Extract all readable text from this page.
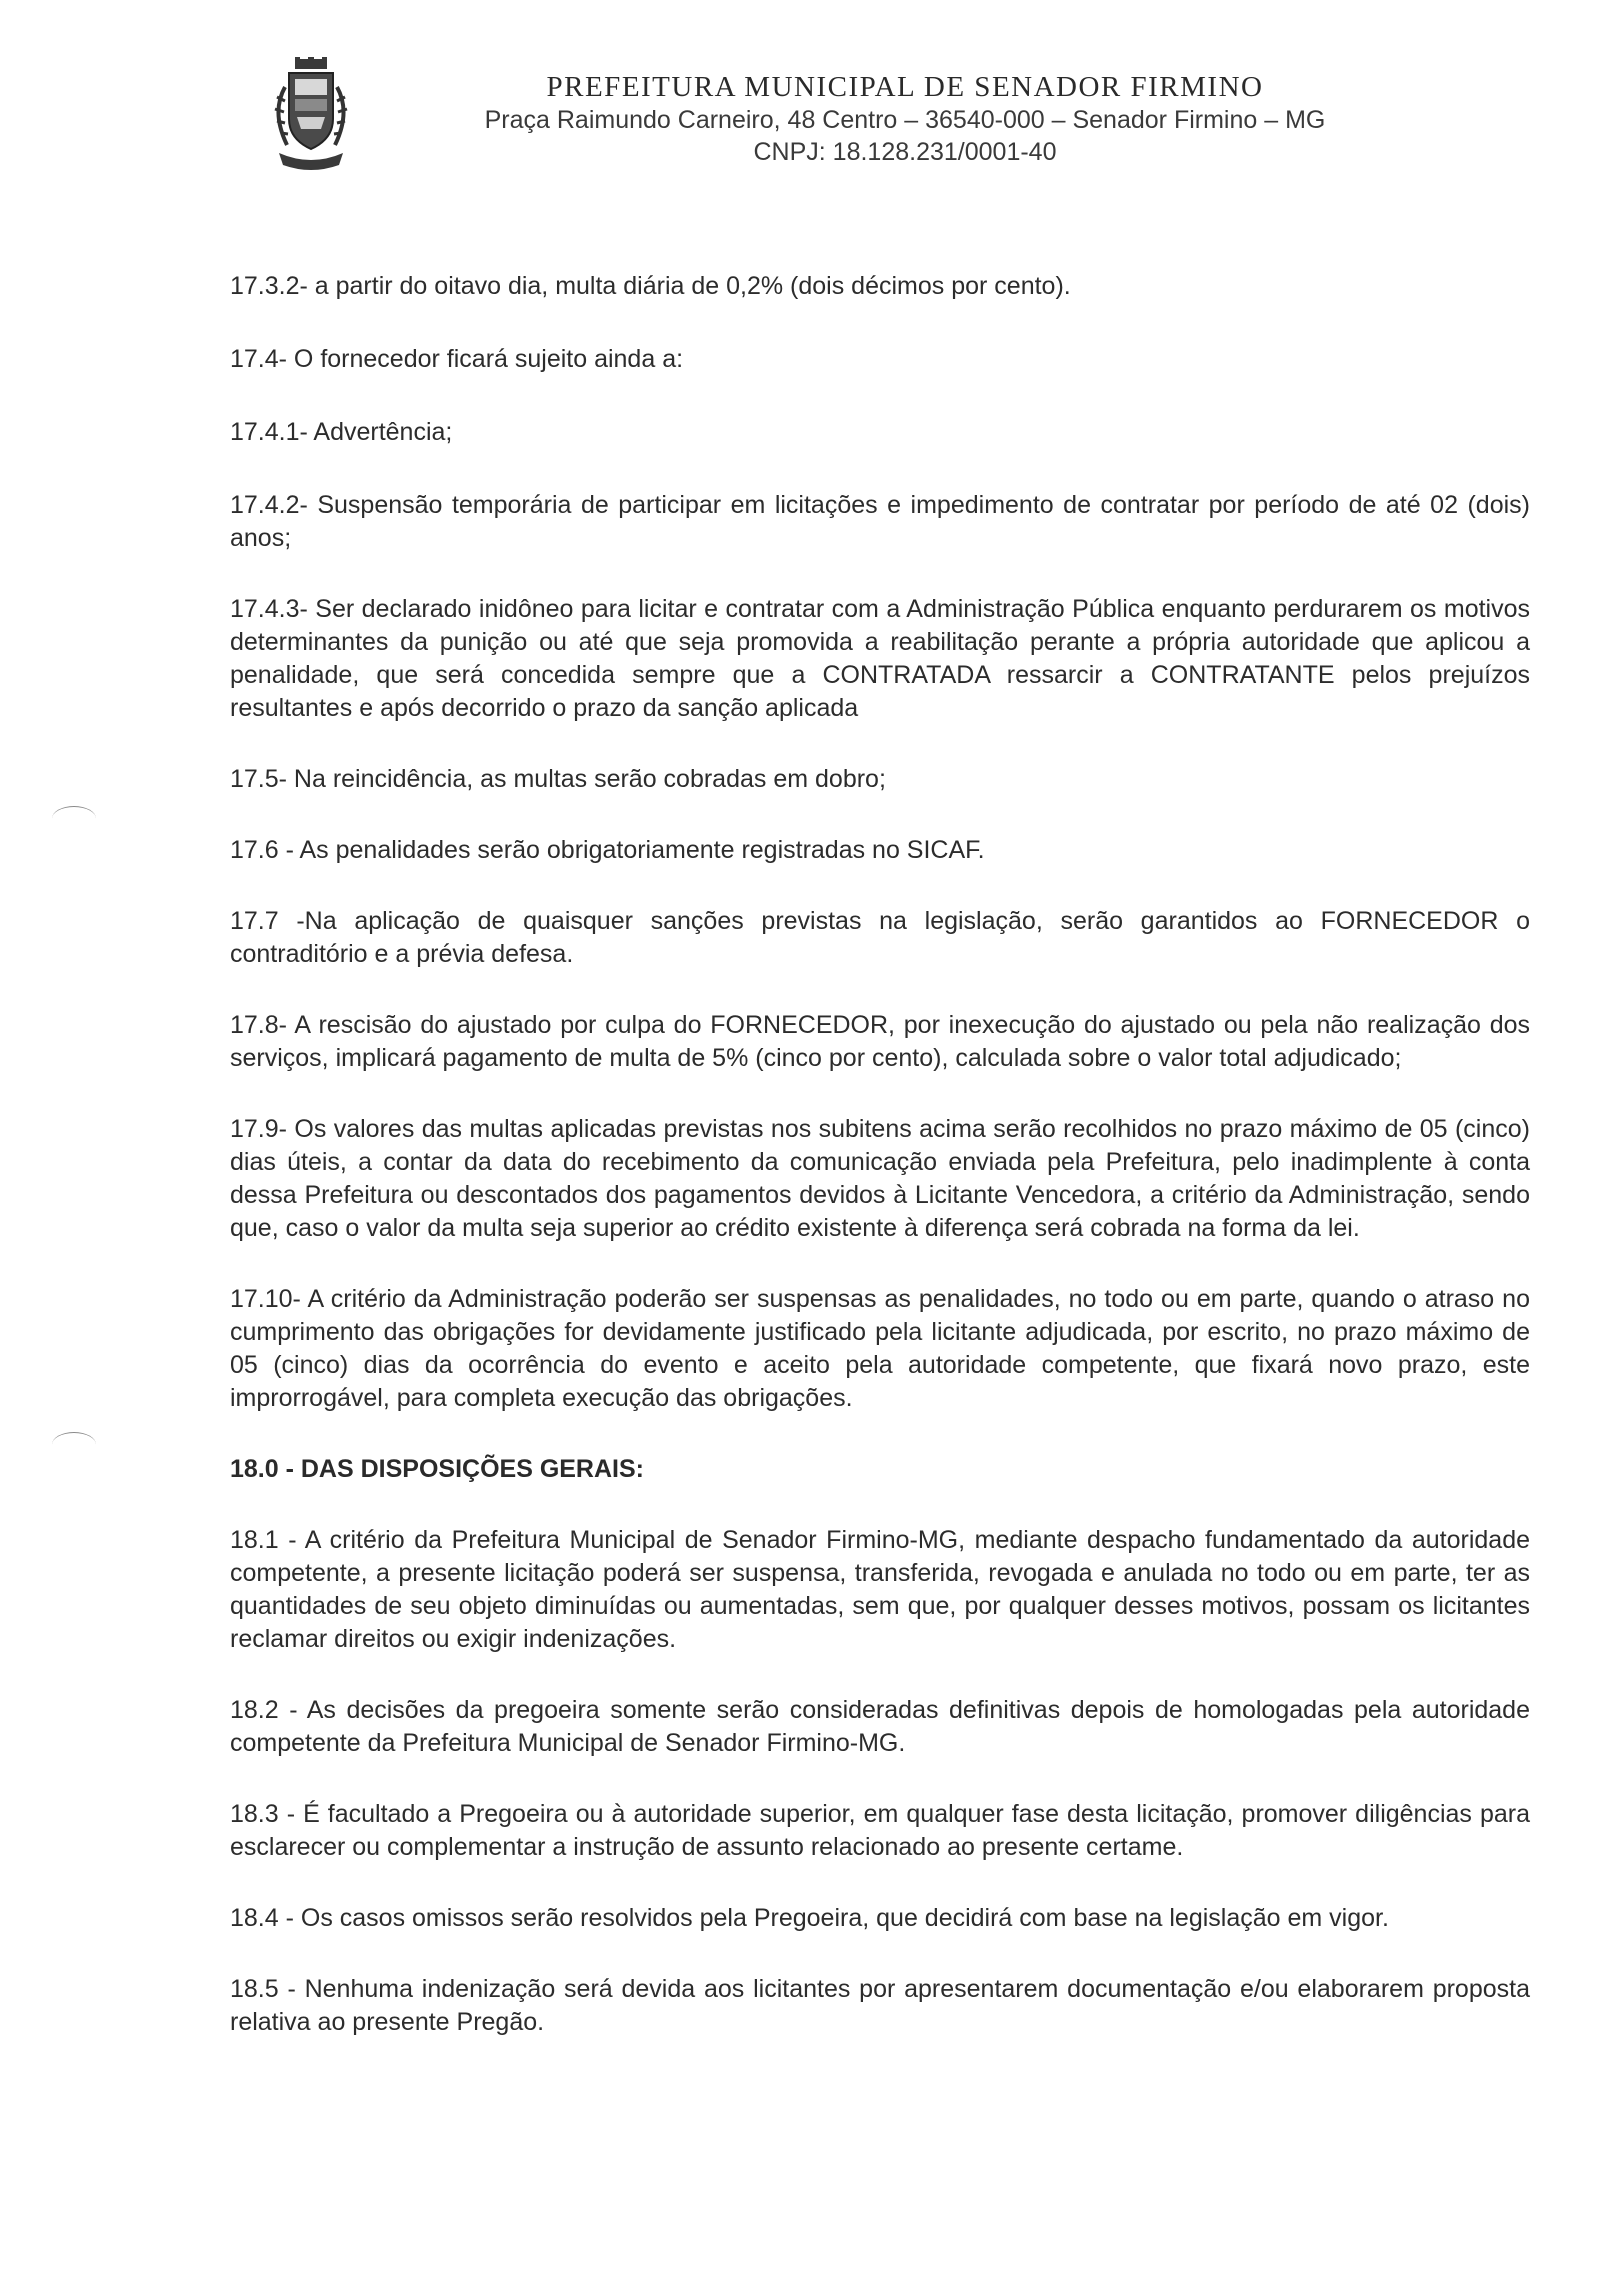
PREFEITURA MUNICIPAL DE SENADOR FIRMINO

Praça Raimundo Carneiro, 48 Centro – 36540-000 – Senador Firmino – MG

CNPJ: 18.128.231/0001-40

17.3.2- a partir do oitavo dia, multa diária de 0,2% (dois décimos por cento).

17.4- O fornecedor ficará sujeito ainda a:

17.4.1- Advertência;

17.4.2- Suspensão temporária de participar em licitações e impedimento de contratar por período de até 02 (dois) anos;

17.4.3- Ser declarado inidôneo para licitar e contratar com a Administração Pública enquanto perdurarem os motivos determinantes da punição ou até que seja promovida a reabilitação perante a própria autoridade que aplicou a penalidade, que será concedida sempre que a CONTRATADA ressarcir a CONTRATANTE pelos prejuízos resultantes e após decorrido o prazo da sanção aplicada

17.5- Na reincidência, as multas serão cobradas em dobro;

17.6 - As penalidades serão obrigatoriamente registradas no SICAF.

17.7 -Na aplicação de quaisquer sanções previstas na legislação, serão garantidos ao FORNECEDOR o contraditório e a prévia defesa.

17.8- A rescisão do ajustado por culpa do FORNECEDOR, por inexecução do ajustado ou pela não realização dos serviços, implicará pagamento de multa de 5% (cinco por cento), calculada sobre o valor total adjudicado;

17.9- Os valores das multas aplicadas previstas nos subitens acima serão recolhidos no prazo máximo de 05 (cinco) dias úteis, a contar da data do recebimento da comunicação enviada pela Prefeitura, pelo inadimplente à conta dessa Prefeitura ou descontados dos pagamentos devidos à Licitante Vencedora, a critério da Administração, sendo que, caso o valor da multa seja superior ao crédito existente à diferença será cobrada na forma da lei.

17.10- A critério da Administração poderão ser suspensas as penalidades, no todo ou em parte, quando o atraso no cumprimento das obrigações for devidamente justificado pela licitante adjudicada, por escrito, no prazo máximo de 05 (cinco) dias da ocorrência do evento e aceito pela autoridade competente, que fixará novo prazo, este improrrogável, para completa execução das obrigações.

18.0 - DAS DISPOSIÇÕES GERAIS:

18.1 - A critério da Prefeitura Municipal de Senador Firmino-MG, mediante despacho fundamentado da autoridade competente, a presente licitação poderá ser suspensa, transferida, revogada e anulada no todo ou em parte, ter as quantidades de seu objeto diminuídas ou aumentadas, sem que, por qualquer desses motivos, possam os licitantes reclamar direitos ou exigir indenizações.

18.2 - As decisões da pregoeira somente serão consideradas definitivas depois de homologadas pela autoridade competente da Prefeitura Municipal de Senador Firmino-MG.

18.3 - É facultado a Pregoeira ou à autoridade superior, em qualquer fase desta licitação, promover diligências para esclarecer ou complementar a instrução de assunto relacionado ao presente certame.

18.4 - Os casos omissos serão resolvidos pela Pregoeira, que decidirá com base na legislação em vigor.

18.5 - Nenhuma indenização será devida aos licitantes por apresentarem documentação e/ou elaborarem proposta relativa ao presente Pregão.
